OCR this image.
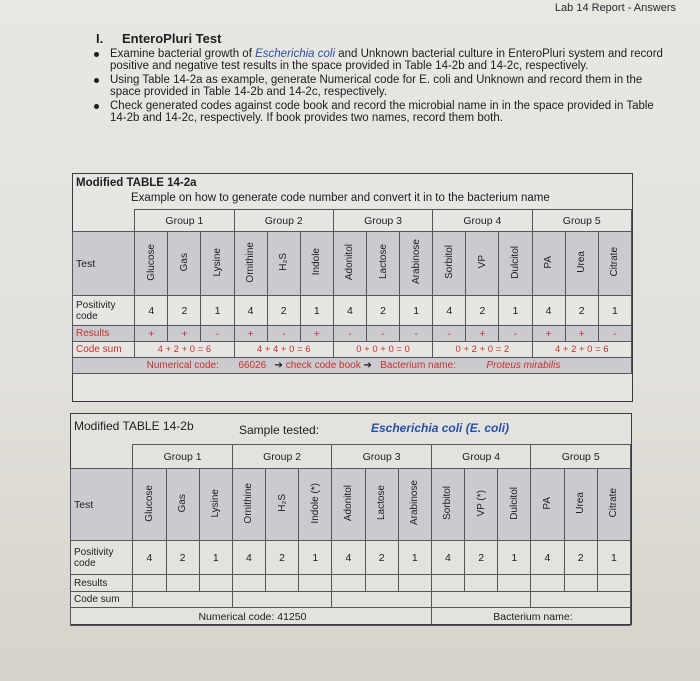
Lab 14 Report - Answers
I. EnteroPluri Test
Examine bacterial growth of Escherichia coli and Unknown bacterial culture in EnteroPluri system and record positive and negative test results in the space provided in Table 14-2b and 14-2c, respectively.
Using Table 14-2a as example, generate Numerical code for E. coli and Unknown and record them in the space provided in Table 14-2b and 14-2c, respectively.
Check generated codes against code book and record the microbial name in in the space provided in Table 14-2b and 14-2c, respectively. If book provides two names, record them both.
Modified TABLE 14-2a
Example on how to generate code number and convert it in to the bacterium name
	Group 1			Group 2			Group 3			Group 4			Group 5		
Test	Glucose	Gas	Lysine	Ornithine	H₂S	Indole	Adonitol	Lactose	Arabinose	Sorbitol	VP	Dulcitol	PA	Urea	Citrate
Positivity code	4	2	1	4	2	1	4	2	1	4	2	1	4	2	1
Results	+	+	-	+	-	+	-	-	-	-	+	-	+	+	-
Code sum	4 + 2 + 0 = 6			4 + 4 + 0 = 6			0 + 0 + 0 = 0			0 + 2 + 0 = 2			4 + 2 + 0 = 6		
Numerical code: 66026 ➔ check code book ➔ Bacterium name: Proteus mirabilis															
Modified TABLE 14-2b	Sample tested:	Escherichia coli (E. coli)
	Group 1			Group 2			Group 3			Group 4			Group 5		
Test	Glucose	Gas	Lysine	Ornithine	H₂S	Indole (*)	Adonitol	Lactose	Arabinose	Sorbitol	VP (*)	Dulcitol	PA	Urea	Citrate
Positivity code	4	2	1	4	2	1	4	2	1	4	2	1	4	2	1
Results															
Code sum															
Numerical code: 41250										Bacterium name:					
